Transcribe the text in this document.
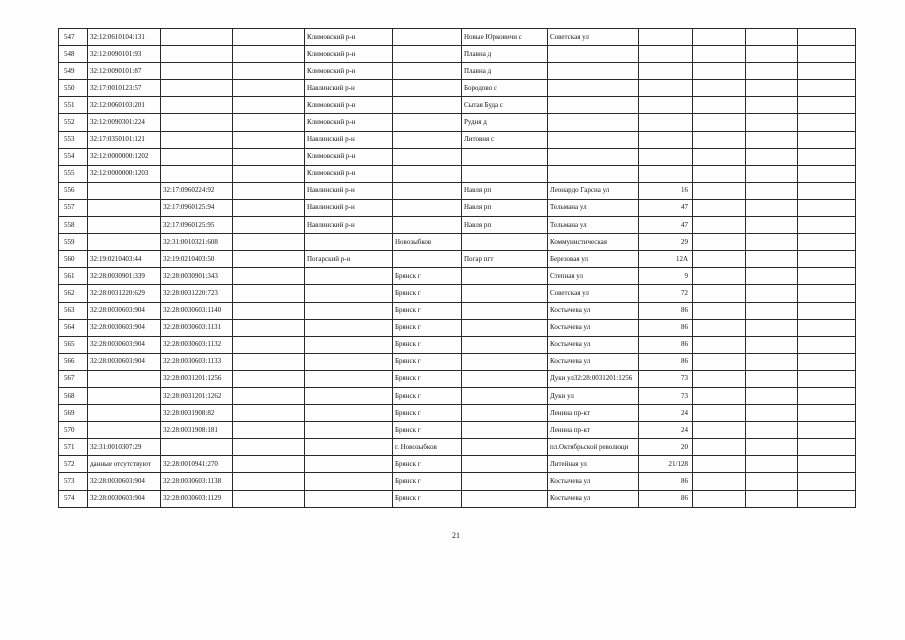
547	32:12:0610104:131			Климовский р-н		Новые Юрковичи с	Советская ул				
548	32:12:0090101:93			Климовский р-н		Плавна д					
549	32:12:0090101:87			Климовский р-н		Плавна д					
550	32:17:0010123:57			Навлинский р-н		Бородово с					
551	32:12:0060103:201			Климовский р-н		Сытая Буда с					
552	32:12:0090301:224			Климовский р-н		Рудня д					
553	32:17:0350101:121			Навлинский р-н		Литовня с					
554	32:12:0000000:1202			Климовский р-н							
555	32:12:0000000:1203			Климовский р-н							
556		32:17:0960224:92		Навлинский р-н		Навля рп	Леонардо Гарсиа ул	16			
557		32:17:0960125:94		Навлинский р-н		Навля рп	Тельмана ул	47			
558		32:17:0960125:95		Навлинский р-н		Навля рп	Тельмана ул	47			
559		32:31:0010321:608			Новозыбков		Коммунистическая	29			
560	32:19:0210403:44	32:19:0210403:50		Погарский р-н		Погар пгт	Березовая ул	12А			
561	32:28:0030901:339	32:28:0030901:343			Брянск г		Степная ул	9			
562	32:28:0031220:629	32:28:0031220:723			Брянск г		Советская ул	72			
563	32:28:0030603:904	32:28:0030603:1140			Брянск г		Костычева ул	86			
564	32:28:0030603:904	32:28:0030603:1131			Брянск г		Костычева ул	86			
565	32:28:0030603:904	32:28:0030603:1132			Брянск г		Костычева ул	86			
566	32:28:0030603:904	32:28:0030603:1133			Брянск г		Костычева ул	86			
567		32:28:0031201:1256			Брянск г		Дуки ул32:28:0031201:1256	73			
568		32:28:0031201:1262			Брянск г		Дуки ул	73			
569		32:28:0031908:82			Брянск г		Ленина пр-кт	24			
570		32:28:0031908:181			Брянск г		Ленина пр-кт	24			
571	32:31:0010307:29				г. Новозыбков		пл.Октябрьской революци	20			
572	данные отсутствуют	32:28:0010941:270			Брянск г		Литейная ул	21/128			
573	32:28:0030603:904	32:28:0030603:1138			Брянск г		Костычева ул	86			
574	32:28:0030603:904	32:28:0030603:1129			Брянск г		Костычева ул	86			
21
